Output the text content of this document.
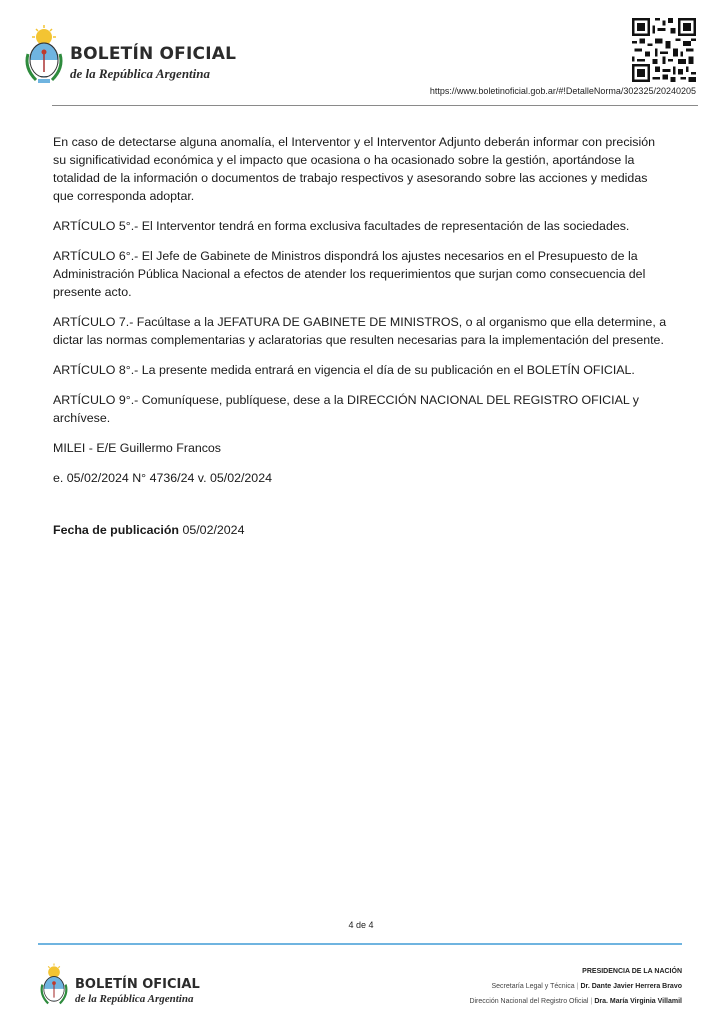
BOLETÍN OFICIAL
de la República Argentina
https://www.boletinoficial.gob.ar/#!DetalleNorma/302325/20240205

En caso de detectarse alguna anomalía, el Interventor y el Interventor Adjunto deberán informar con precisión su significatividad económica y el impacto que ocasiona o ha ocasionado sobre la gestión, aportándose la totalidad de la información o documentos de trabajo respectivos y asesorando sobre las acciones y medidas que corresponda adoptar.

ARTÍCULO 5°.- El Interventor tendrá en forma exclusiva facultades de representación de las sociedades.

ARTÍCULO 6°.- El Jefe de Gabinete de Ministros dispondrá los ajustes necesarios en el Presupuesto de la Administración Pública Nacional a efectos de atender los requerimientos que surjan como consecuencia del presente acto.

ARTÍCULO 7.- Facúltase a la JEFATURA DE GABINETE DE MINISTROS, o al organismo que ella determine, a dictar las normas complementarias y aclaratorias que resulten necesarias para la implementación del presente.

ARTÍCULO 8°.- La presente medida entrará en vigencia el día de su publicación en el BOLETÍN OFICIAL.

ARTÍCULO 9°.- Comuníquese, publíquese, dese a la DIRECCIÓN NACIONAL DEL REGISTRO OFICIAL y archívese.

MILEI - E/E Guillermo Francos

e. 05/02/2024 N° 4736/24 v. 05/02/2024

Fecha de publicación 05/02/2024

4 de 4
BOLETÍN OFICIAL
de la República Argentina
PRESIDENCIA DE LA NACIÓN
Secretaría Legal y Técnica | Dr. Dante Javier Herrera Bravo
Dirección Nacional del Registro Oficial | Dra. María Virginia Villamil
